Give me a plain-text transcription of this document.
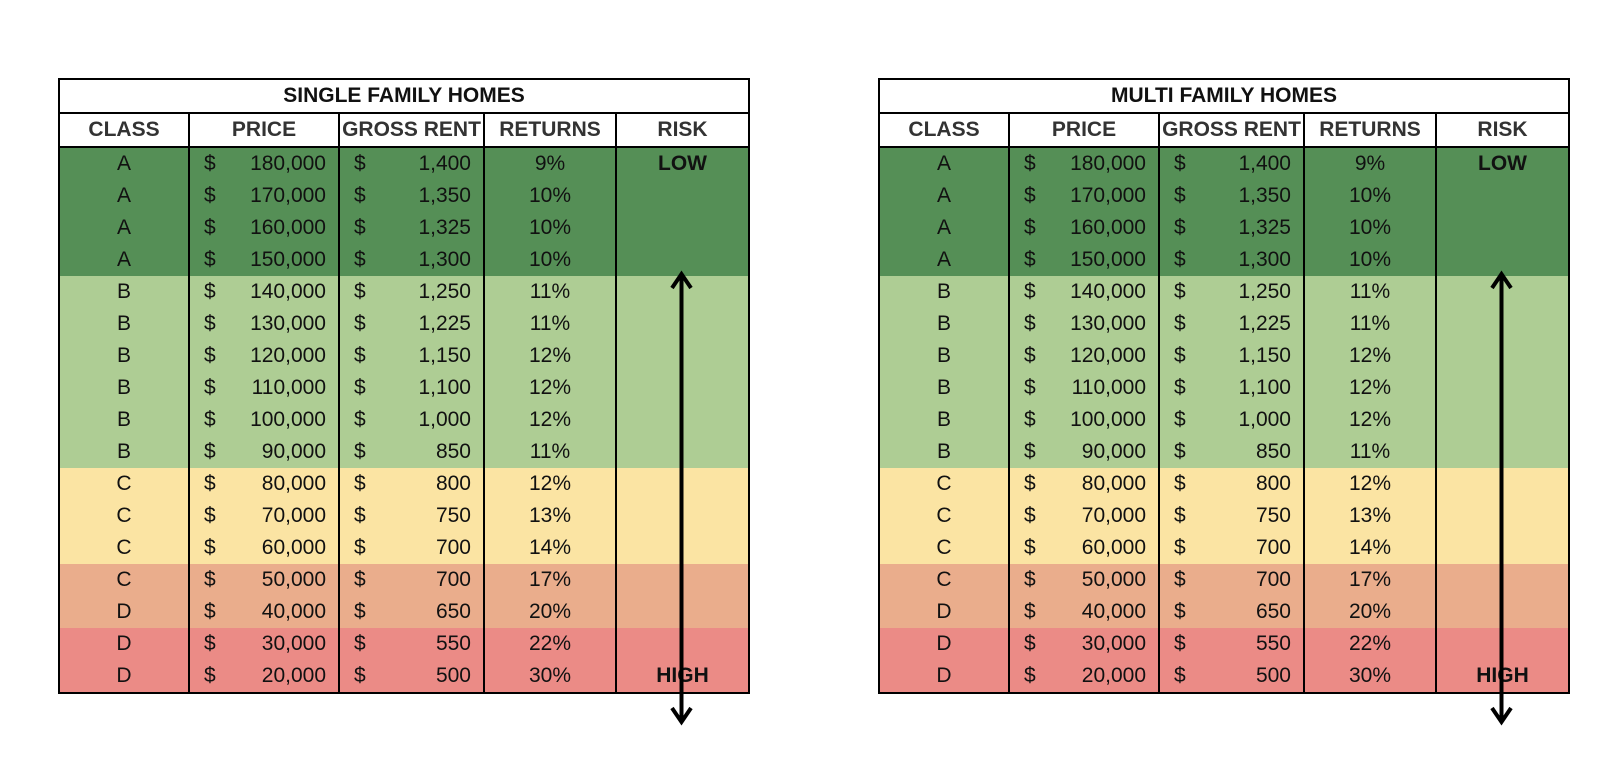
SINGLE FAMILY HOMES				
CLASS	PRICE	GROSS RENT	RETURNS	RISK
A	$ 180,000	$ 1,400	9%	LOW
A	$ 170,000	$ 1,350	10%	
A	$ 160,000	$ 1,325	10%	
A	$ 150,000	$ 1,300	10%	
B	$ 140,000	$ 1,250	11%	
B	$ 130,000	$ 1,225	11%	
B	$ 120,000	$ 1,150	12%	
B	$ 110,000	$ 1,100	12%	
B	$ 100,000	$ 1,000	12%	
B	$ 90,000	$ 850	11%	
C	$ 80,000	$ 800	12%	
C	$ 70,000	$ 750	13%	
C	$ 60,000	$ 700	14%	
C	$ 50,000	$ 700	17%	
D	$ 40,000	$ 650	20%	
D	$ 30,000	$ 550	22%	
D	$ 20,000	$ 500	30%	HIGH
MULTI FAMILY HOMES				
CLASS	PRICE	GROSS RENT	RETURNS	RISK
A	$ 180,000	$ 1,400	9%	LOW
A	$ 170,000	$ 1,350	10%	
A	$ 160,000	$ 1,325	10%	
A	$ 150,000	$ 1,300	10%	
B	$ 140,000	$ 1,250	11%	
B	$ 130,000	$ 1,225	11%	
B	$ 120,000	$ 1,150	12%	
B	$ 110,000	$ 1,100	12%	
B	$ 100,000	$ 1,000	12%	
B	$ 90,000	$ 850	11%	
C	$ 80,000	$ 800	12%	
C	$ 70,000	$ 750	13%	
C	$ 60,000	$ 700	14%	
C	$ 50,000	$ 700	17%	
D	$ 40,000	$ 650	20%	
D	$ 30,000	$ 550	22%	
D	$ 20,000	$ 500	30%	HIGH
